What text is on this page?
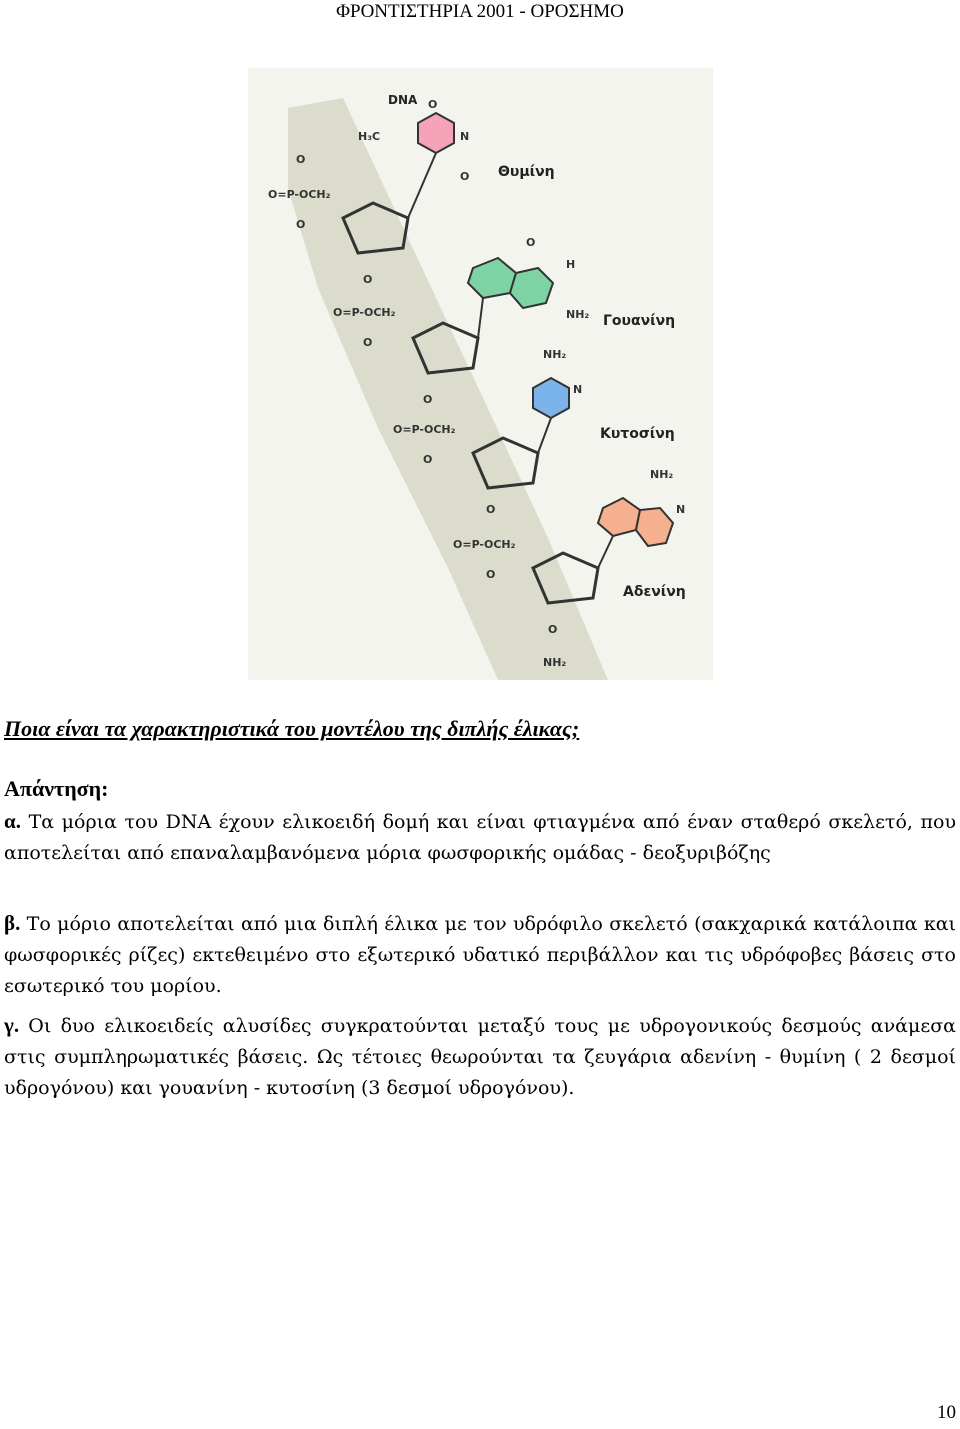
ΦΡΟΝΤΙΣΤΗΡΙΑ 2001 - ΟΡΟΣΗΜΟ
DNA
H₃C
O
N
O Θυμίνη
O
O=P-OCH₂
O
O
H
NH₂ Γουανίνη
O
O=P-OCH₂
O
NH₂
N
Κυτοσίνη
O
O=P-OCH₂
O
NH₂
N
Αδενίνη
O
O=P-OCH₂
O
O
NH₂
Ποια είναι τα χαρακτηριστικά του μοντέλου της διπλής έλικας;
Απάντηση:
α. Τα μόρια του DNA έχουν ελικοειδή δομή και είναι φτιαγμένα από έναν σταθερό σκελετό, που αποτελείται από επαναλαμβανόμενα μόρια φωσφορικής ομάδας - δεοξυριβόζης
β. Το μόριο αποτελείται από μια διπλή έλικα με τον υδρόφιλο σκελετό (σακχαρικά κατάλοιπα και φωσφορικές ρίζες) εκτεθειμένο στο εξωτερικό υδατικό περιβάλλον και τις υδρόφοβες βάσεις στο εσωτερικό του μορίου.
γ. Οι δυο ελικοειδείς αλυσίδες συγκρατούνται μεταξύ τους με υδρογονικούς δεσμούς ανάμεσα στις συμπληρωματικές βάσεις. Ως τέτοιες θεωρούνται τα ζευγάρια αδενίνη - θυμίνη ( 2 δεσμοί υδρογόνου) και γουανίνη - κυτοσίνη (3 δεσμοί υδρογόνου).
10
